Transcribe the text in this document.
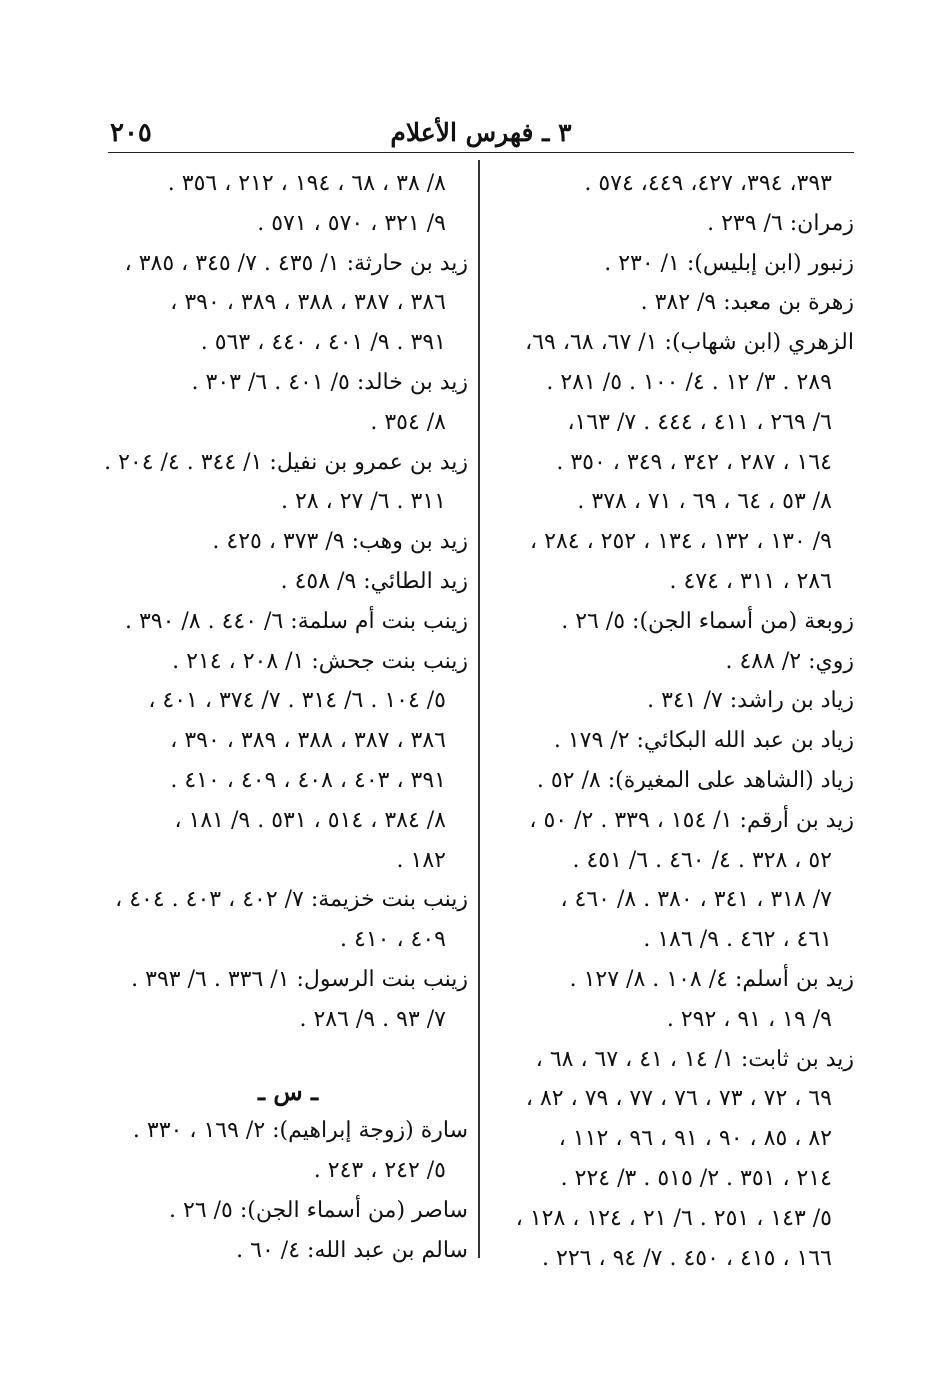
٢٠٥	٣ ـ فهرس الأعلام
٣٩٣، ٣٩٤، ٤٢٧، ٤٤٩، ٥٧٤ .
زمران: ٦/ ٢٣٩ .
زنبور (ابن إبليس): ١/ ٢٣٠ .
زهرة بن معبد: ٩/ ٣٨٢ .
الزهري (ابن شهاب): ١/ ٦٧، ٦٨، ٦٩،
٢٨٩ . ٣/ ١٢ . ٤/ ١٠٠ . ٥/ ٢٨١ .
٦/ ٢٦٩ ، ٤١١ ، ٤٤٤ . ٧/ ١٦٣،
١٦٤ ، ٢٨٧ ، ٣٤٢ ، ٣٤٩ ، ٣٥٠ .
٨/ ٥٣ ، ٦٤ ، ٦٩ ، ٧١ ، ٣٧٨ .
٩/ ١٣٠ ، ١٣٢ ، ١٣٤ ، ٢٥٢ ، ٢٨٤ ،
٢٨٦ ، ٣١١ ، ٤٧٤ .
زوبعة (من أسماء الجن): ٥/ ٢٦ .
زوي: ٢/ ٤٨٨ .
زياد بن راشد: ٧/ ٣٤١ .
زياد بن عبد الله البكائي: ٢/ ١٧٩ .
زياد (الشاهد على المغيرة): ٨/ ٥٢ .
زيد بن أرقم: ١/ ١٥٤ ، ٣٣٩ . ٢/ ٥٠ ،
٥٢ ، ٣٢٨ . ٤/ ٤٦٠ . ٦/ ٤٥١ .
٧/ ٣١٨ ، ٣٤١ ، ٣٨٠ . ٨/ ٤٦٠ ،
٤٦١ ، ٤٦٢ . ٩/ ١٨٦ .
زيد بن أسلم: ٤/ ١٠٨ . ٨/ ١٢٧ .
٩/ ١٩ ، ٩١ ، ٢٩٢ .
زيد بن ثابت: ١/ ١٤ ، ٤١ ، ٦٧ ، ٦٨ ،
٦٩ ، ٧٢ ، ٧٣ ، ٧٦ ، ٧٧ ، ٧٩ ، ٨٢ ،
٨٢ ، ٨٥ ، ٩٠ ، ٩١ ، ٩٦ ، ١١٢ ،
٢١٤ ، ٣٥١ . ٢/ ٥١٥ . ٣/ ٢٢٤ .
٥/ ١٤٣ ، ٢٥١ . ٦/ ٢١ ، ١٢٤ ، ١٢٨ ،
١٦٦ ، ٤١٥ ، ٤٥٠ . ٧/ ٩٤ ، ٢٢٦ .
٨/ ٣٨ ، ٦٨ ، ١٩٤ ، ٢١٢ ، ٣٥٦ .
٩/ ٣٢١ ، ٥٧٠ ، ٥٧١ .
زيد بن حارثة: ١/ ٤٣٥ . ٧/ ٣٤٥ ، ٣٨٥ ،
٣٨٦ ، ٣٨٧ ، ٣٨٨ ، ٣٨٩ ، ٣٩٠ ،
٣٩١ . ٩/ ٤٠١ ، ٤٤٠ ، ٥٦٣ .
زيد بن خالد: ٥/ ٤٠١ . ٦/ ٣٠٣ .
٨/ ٣٥٤ .
زيد بن عمرو بن نفيل: ١/ ٣٤٤ . ٤/ ٢٠٤ .
٣١١ . ٦/ ٢٧ ، ٢٨ .
زيد بن وهب: ٩/ ٣٧٣ ، ٤٢٥ .
زيد الطائي: ٩/ ٤٥٨ .
زينب بنت أم سلمة: ٦/ ٤٤٠ . ٨/ ٣٩٠ .
زينب بنت جحش: ١/ ٢٠٨ ، ٢١٤ .
٥/ ١٠٤ . ٦/ ٣١٤ . ٧/ ٣٧٤ ، ٤٠١ ،
٣٨٦ ، ٣٨٧ ، ٣٨٨ ، ٣٨٩ ، ٣٩٠ ،
٣٩١ ، ٤٠٣ ، ٤٠٨ ، ٤٠٩ ، ٤١٠ .
٨/ ٣٨٤ ، ٥١٤ ، ٥٣١ . ٩/ ١٨١ ،
١٨٢ .
زينب بنت خزيمة: ٧/ ٤٠٢ ، ٤٠٣ . ٤٠٤ ،
٤٠٩ ، ٤١٠ .
زينب بنت الرسول: ١/ ٣٣٦ . ٦/ ٣٩٣ .
٧/ ٩٣ . ٩/ ٢٨٦ .
ـ س ـ
سارة (زوجة إبراهيم): ٢/ ١٦٩ ، ٣٣٠ .
٥/ ٢٤٢ ، ٢٤٣ .
ساصر (من أسماء الجن): ٥/ ٢٦ .
سالم بن عبد الله: ٤/ ٦٠ .
